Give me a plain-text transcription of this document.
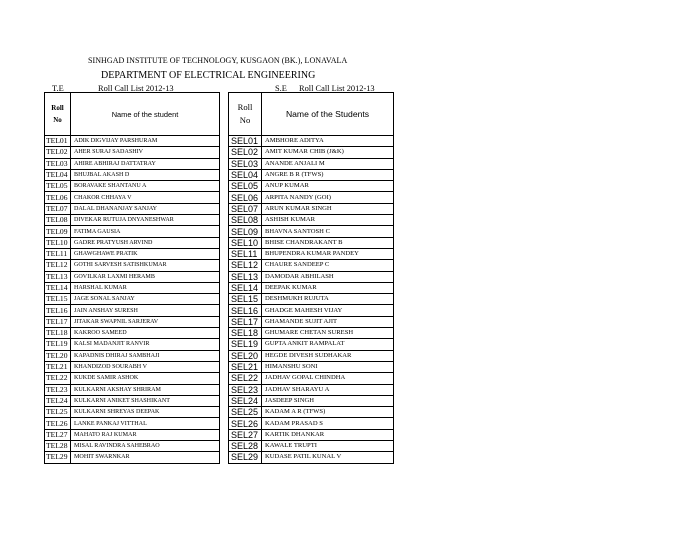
SINHGAD INSTITUTE OF TECHNOLOGY, KUSGAON (BK.), LONAVALA
DEPARTMENT OF ELECTRICAL ENGINEERING
T.E	Roll Call List 2012-13	S.E Roll Call List 2012-13
Roll
No	Name of the student
TEL01	ADIK DIGVIJAY PARSHURAM
TEL02	AHER SURAJ SADASHIV
TEL03	AHIRE ABHIRAJ DATTATRAY
TEL04	BHUJBAL AKASH D
TEL05	BORAVAKE SHANTANU A
TEL06	CHAKOR CHHAYA V
TEL07	DALAL DHANANJAY SANJAY
TEL08	DIVEKAR RUTUJA DNYANESHWAR
TEL09	FATIMA GAUSIA
TEL10	GADRE PRATYUSH ARVIND
TEL11	GHAWGHAWE PRATIK
TEL12	GOTHI SARVESH SATISHKUMAR
TEL13	GOVILKAR LAXMI HERAMB
TEL14	HARSHAL KUMAR
TEL15	JAGE SONAL SANJAY
TEL16	JAIN ANSHAY SURESH
TEL17	JITAKAR SWAPNIL SARJERAV
TEL18	KAKROO SAMEED
TEL19	KALSI MADANJIT RANVIR
TEL20	KAPADNIS DHIRAJ SAMBHAJI
TEL21	KHANDIZOD SOURABH V
TEL22	KUKDE SAMIR ASHOK
TEL23	KULKARNI AKSHAY SHRIRAM
TEL24	KULKARNI ANIKET SHASHIKANT
TEL25	KULKARNI SHREYAS DEEPAK
TEL26	LANKE PANKAJ VITTHAL
TEL27	MAHATO RAJ KUMAR
TEL28	MISAL RAVINDRA SAHEBRAO
TEL29	MOHIT SWARNKAR
Roll
No	Name of the Students
SEL01	AMBHORE ADITYA
SEL02	AMIT KUMAR CHIB (J&K)
SEL03	ANANDE ANJALI M
SEL04	ANGRE B R (TFWS)
SEL05	ANUP KUMAR
SEL06	ARPITA NANDY (GOI)
SEL07	ARUN KUMAR SINGH
SEL08	ASHISH KUMAR
SEL09	BHAVNA SANTOSH C
SEL10	BHISE CHANDRAKANT B
SEL11	BHUPENDRA KUMAR PANDEY
SEL12	CHAURE SANDEEP C
SEL13	DAMODAR ABHILASH
SEL14	DEEPAK KUMAR
SEL15	DESHMUKH RUJUTA
SEL16	GHADGE MAHESH VIJAY
SEL17	GHAMANDE SUJIT AJIT
SEL18	GHUMARE CHETAN SURESH
SEL19	GUPTA ANKIT RAMPALAT
SEL20	HEGDE DIVESH SUDHAKAR
SEL21	HIMANSHU SONI
SEL22	JADHAV GOPAL CHINDHA
SEL23	JADHAV SHARAYU A
SEL24	JASDEEP SINGH
SEL25	KADAM A R (TFWS)
SEL26	KADAM PRASAD S
SEL27	KARTIK DHANKAR
SEL28	KAWALE TRUPTI
SEL29	KUDASE PATIL KUNAL V
